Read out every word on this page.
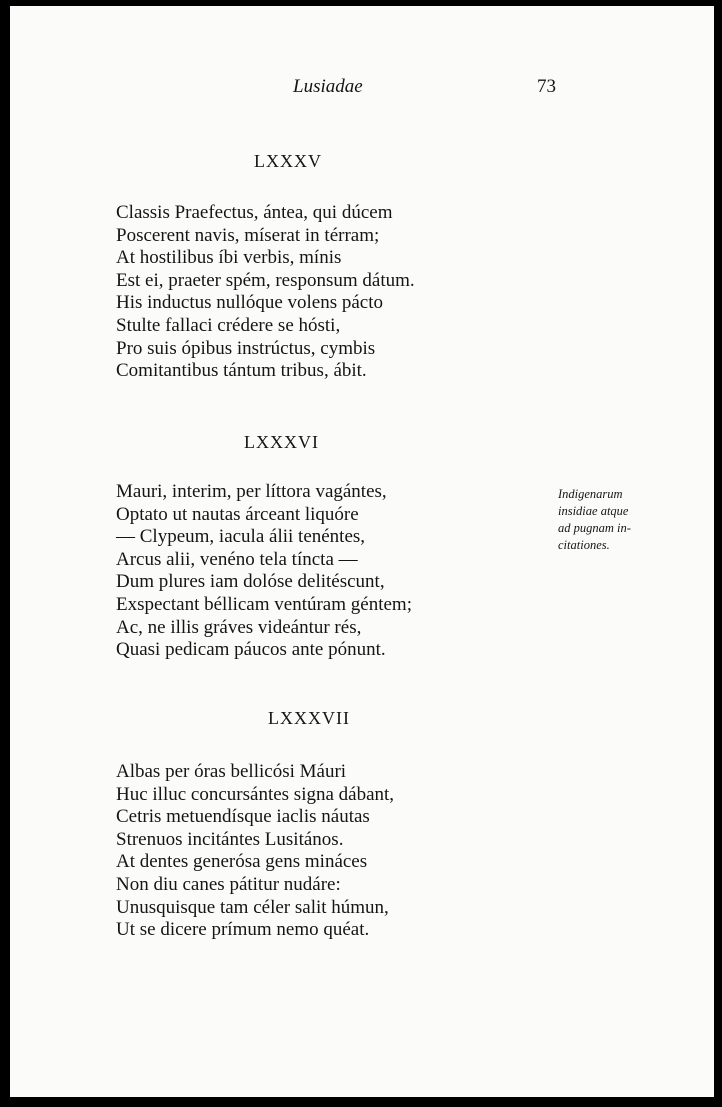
Lusiadae	73
LXXXV
Classis Praefectus, ántea, qui dúcem
Poscerent navis, míserat in térram;
At hostilibus íbi verbis, mínis
Est ei, praeter spém, responsum dátum.
His inductus nullóque volens pácto
Stulte fallaci crédere se hósti,
Pro suis ópibus instrúctus, cymbis
Comitantibus tántum tribus, ábit.
LXXXVI
Mauri, interim, per líttora vagántes,
Optato ut nautas árceant liquóre
— Clypeum, iacula álii tenéntes,
Arcus alii, venéno tela tíncta —
Dum plures iam dolóse delitéscunt,
Exspectant béllicam ventúram géntem;
Ac, ne illis gráves videántur rés,
Quasi pedicam páucos ante pónunt.
Indigenarum
insidiae atque
ad pugnam in-
citationes.
LXXXVII
Albas per óras bellicósi Máuri
Huc illuc concursántes signa dábant,
Cetris metuendísque iaclis náutas
Strenuos incitántes Lusitános.
At dentes generósa gens mináces
Non diu canes pátitur nudáre:
Unusquisque tam céler salit húmun,
Ut se dicere prímum nemo quéat.
